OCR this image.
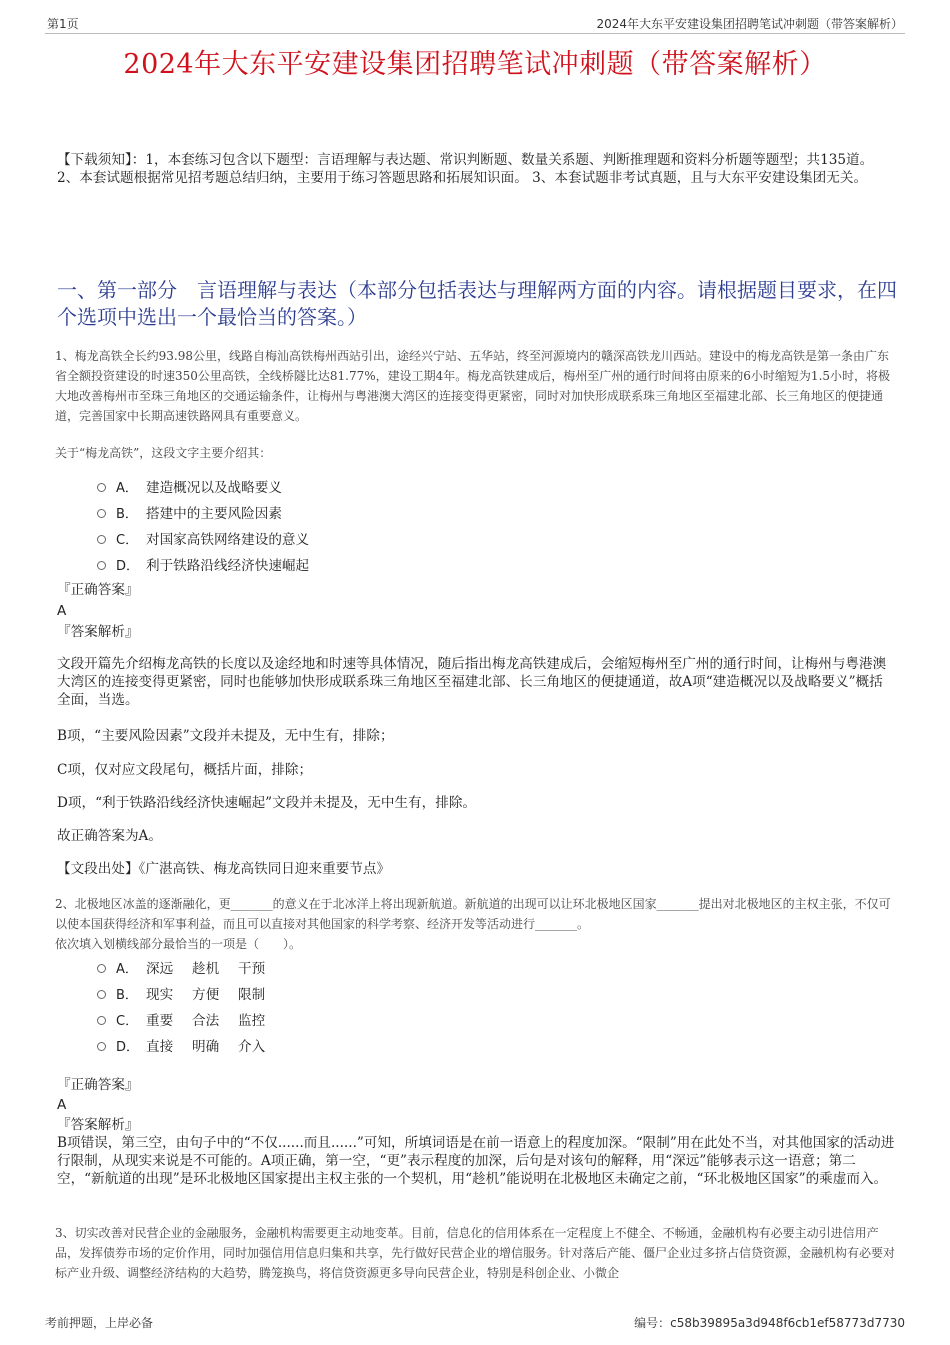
第1页	2024年大东平安建设集团招聘笔试冲刺题（带答案解析）
2024年大东平安建设集团招聘笔试冲刺题（带答案解析）
【下载须知】：1，本套练习包含以下题型：言语理解与表达题、常识判断题、数量关系题、判断推理题和资料分析题等题型；共135道。 2、本套试题根据常见招考题总结归纳，主要用于练习答题思路和拓展知识面。 3、本套试题非考试真题，且与大东平安建设集团无关。
一、第一部分　言语理解与表达（本部分包括表达与理解两方面的内容。请根据题目要求，在四个选项中选出一个最恰当的答案。）
1、梅龙高铁全长约93.98公里，线路自梅汕高铁梅州西站引出，途经兴宁站、五华站，终至河源境内的赣深高铁龙川西站。建设中的梅龙高铁是第一条由广东省全额投资建设的时速350公里高铁，全线桥隧比达81.77%，建设工期4年。梅龙高铁建成后，梅州至广州的通行时间将由原来的6小时缩短为1.5小时，将极大地改善梅州市至珠三角地区的交通运输条件，让梅州与粤港澳大湾区的连接变得更紧密，同时对加快形成联系珠三角地区至福建北部、长三角地区的便捷通道，完善国家中长期高速铁路网具有重要意义。
关于“梅龙高铁”，这段文字主要介绍其：
A． 建造概况以及战略要义
B． 搭建中的主要风险因素
C． 对国家高铁网络建设的意义
D． 利于铁路沿线经济快速崛起
『正确答案』
A
『答案解析』
文段开篇先介绍梅龙高铁的长度以及途经地和时速等具体情况，随后指出梅龙高铁建成后，会缩短梅州至广州的通行时间，让梅州与粤港澳大湾区的连接变得更紧密，同时也能够加快形成联系珠三角地区至福建北部、长三角地区的便捷通道，故A项“建造概况以及战略要义”概括全面，当选。
B项，“主要风险因素”文段并未提及，无中生有，排除；
C项，仅对应文段尾句，概括片面，排除；
D项，“利于铁路沿线经济快速崛起”文段并未提及，无中生有，排除。
故正确答案为A。
【文段出处】《广湛高铁、梅龙高铁同日迎来重要节点》
2、北极地区冰盖的逐渐融化，更_______的意义在于北冰洋上将出现新航道。新航道的出现可以让环北极地区国家_______提出对北极地区的主权主张，不仅可以使本国获得经济和军事利益，而且可以直接对其他国家的科学考察、经济开发等活动进行_______。
依次填入划横线部分最恰当的一项是（　　）。
A． 深远	趁机	干预
B． 现实	方便	限制
C． 重要	合法	监控
D． 直接	明确	介入
『正确答案』
A
『答案解析』
B项错误，第三空，由句子中的“不仅......而且......”可知，所填词语是在前一语意上的程度加深。“限制”用在此处不当，对其他国家的活动进行限制，从现实来说是不可能的。A项正确，第一空，“更”表示程度的加深，后句是对该句的解释，用“深远”能够表示这一语意；第二空，“新航道的出现”是环北极地区国家提出主权主张的一个契机，用“趁机”能说明在北极地区未确定之前，“环北极地区国家”的乘虚而入。
3、切实改善对民营企业的金融服务，金融机构需要更主动地变革。目前，信息化的信用体系在一定程度上不健全、不畅通，金融机构有必要主动引进信用产品，发挥债券市场的定价作用，同时加强信用信息归集和共享，先行做好民营企业的增信服务。针对落后产能、僵尸企业过多挤占信贷资源，金融机构有必要对标产业升级、调整经济结构的大趋势，腾笼换鸟，将信贷资源更多导向民营企业，特别是科创企业、小微企
考前押题，上岸必备	编号：c58b39895a3d948f6cb1ef58773d7730
